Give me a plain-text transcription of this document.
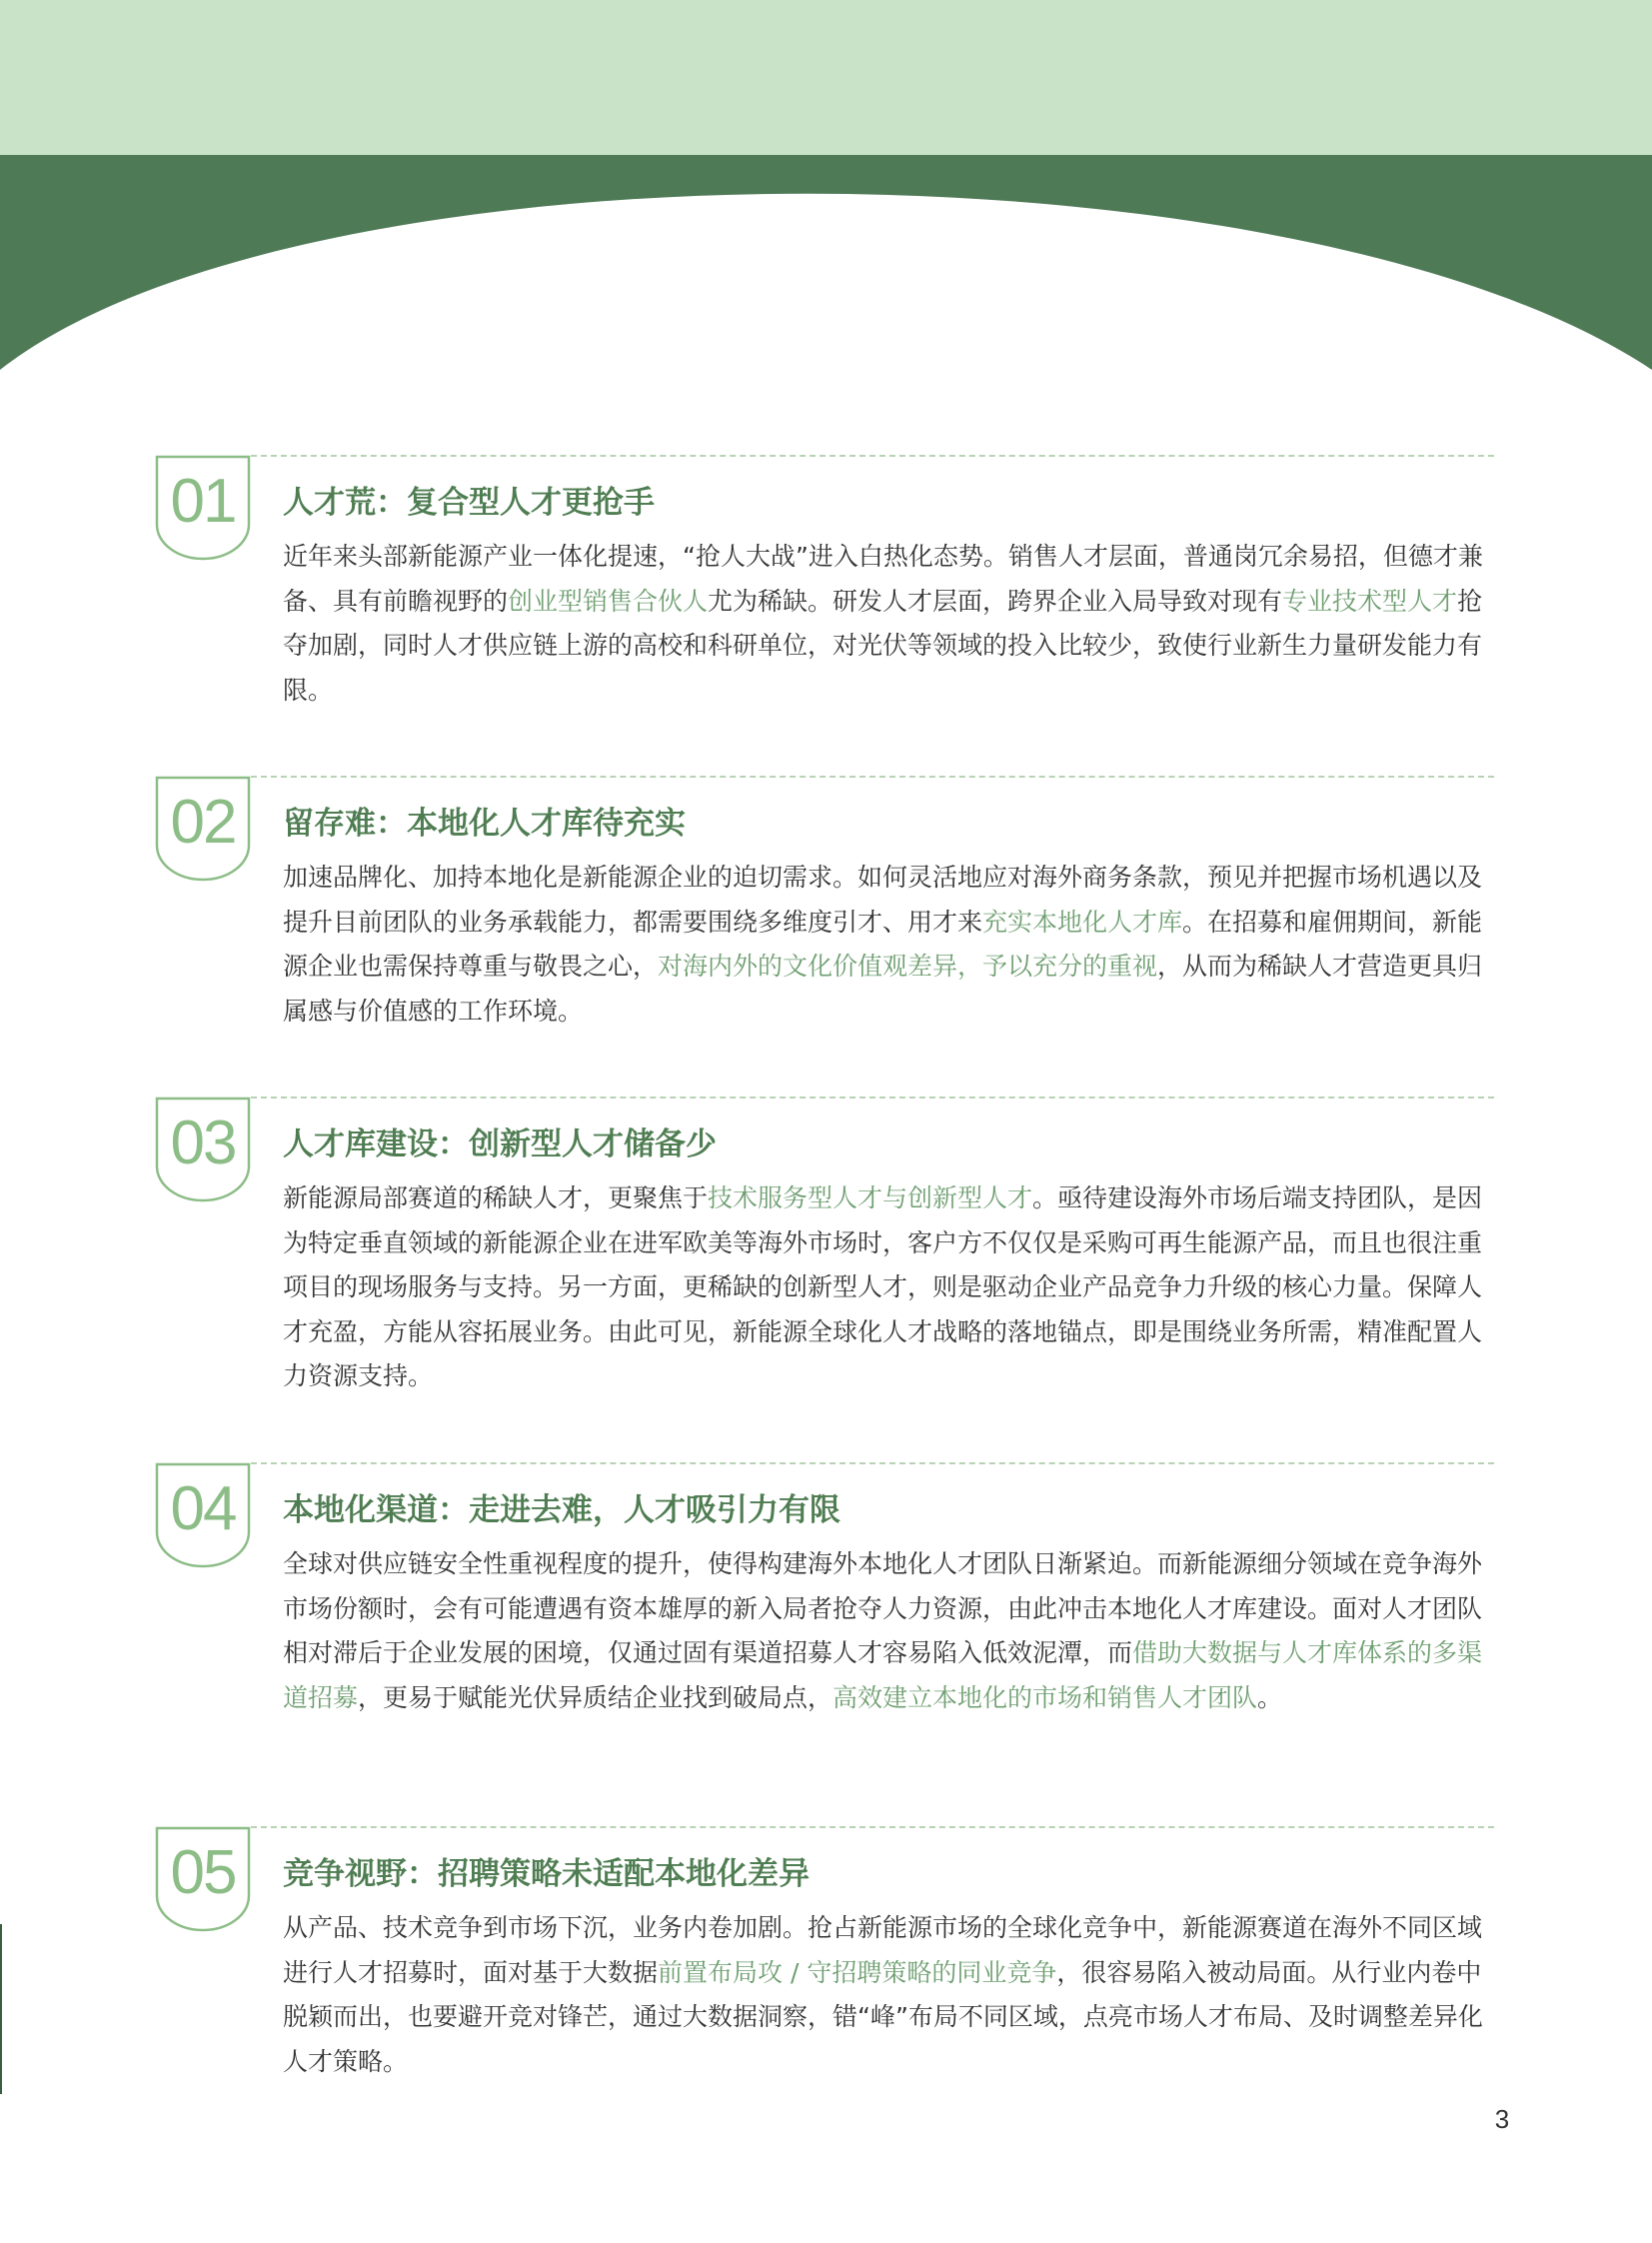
01	人才荒：复合型人才更抢手
近年来头部新能源产业一体化提速，“抢人大战”进入白热化态势。销售人才层面，普通岗冗余易招，但德才兼备、具有前瞻视野的创业型销售合伙人尤为稀缺。研发人才层面，跨界企业入局导致对现有专业技术型人才抢夺加剧，同时人才供应链上游的高校和科研单位，对光伏等领域的投入比较少，致使行业新生力量研发能力有限。
02	留存难：本地化人才库待充实
加速品牌化、加持本地化是新能源企业的迫切需求。如何灵活地应对海外商务条款，预见并把握市场机遇以及提升目前团队的业务承载能力，都需要围绕多维度引才、用才来充实本地化人才库。在招募和雇佣期间，新能源企业也需保持尊重与敬畏之心，对海内外的文化价值观差异，予以充分的重视，从而为稀缺人才营造更具归属感与价值感的工作环境。
03	人才库建设：创新型人才储备少
新能源局部赛道的稀缺人才，更聚焦于技术服务型人才与创新型人才。亟待建设海外市场后端支持团队，是因为特定垂直领域的新能源企业在进军欧美等海外市场时，客户方不仅仅是采购可再生能源产品，而且也很注重项目的现场服务与支持。另一方面，更稀缺的创新型人才，则是驱动企业产品竞争力升级的核心力量。保障人才充盈，方能从容拓展业务。由此可见，新能源全球化人才战略的落地锚点，即是围绕业务所需，精准配置人力资源支持。
04	本地化渠道：走进去难，人才吸引力有限
全球对供应链安全性重视程度的提升，使得构建海外本地化人才团队日渐紧迫。而新能源细分领域在竞争海外市场份额时，会有可能遭遇有资本雄厚的新入局者抢夺人力资源，由此冲击本地化人才库建设。面对人才团队相对滞后于企业发展的困境，仅通过固有渠道招募人才容易陷入低效泥潭，而借助大数据与人才库体系的多渠道招募，更易于赋能光伏异质结企业找到破局点，高效建立本地化的市场和销售人才团队。
05	竞争视野：招聘策略未适配本地化差异
从产品、技术竞争到市场下沉，业务内卷加剧。抢占新能源市场的全球化竞争中，新能源赛道在海外不同区域进行人才招募时，面对基于大数据前置布局攻 / 守招聘策略的同业竞争，很容易陷入被动局面。从行业内卷中脱颖而出，也要避开竞对锋芒，通过大数据洞察，错“峰”布局不同区域，点亮市场人才布局、及时调整差异化人才策略。
3
